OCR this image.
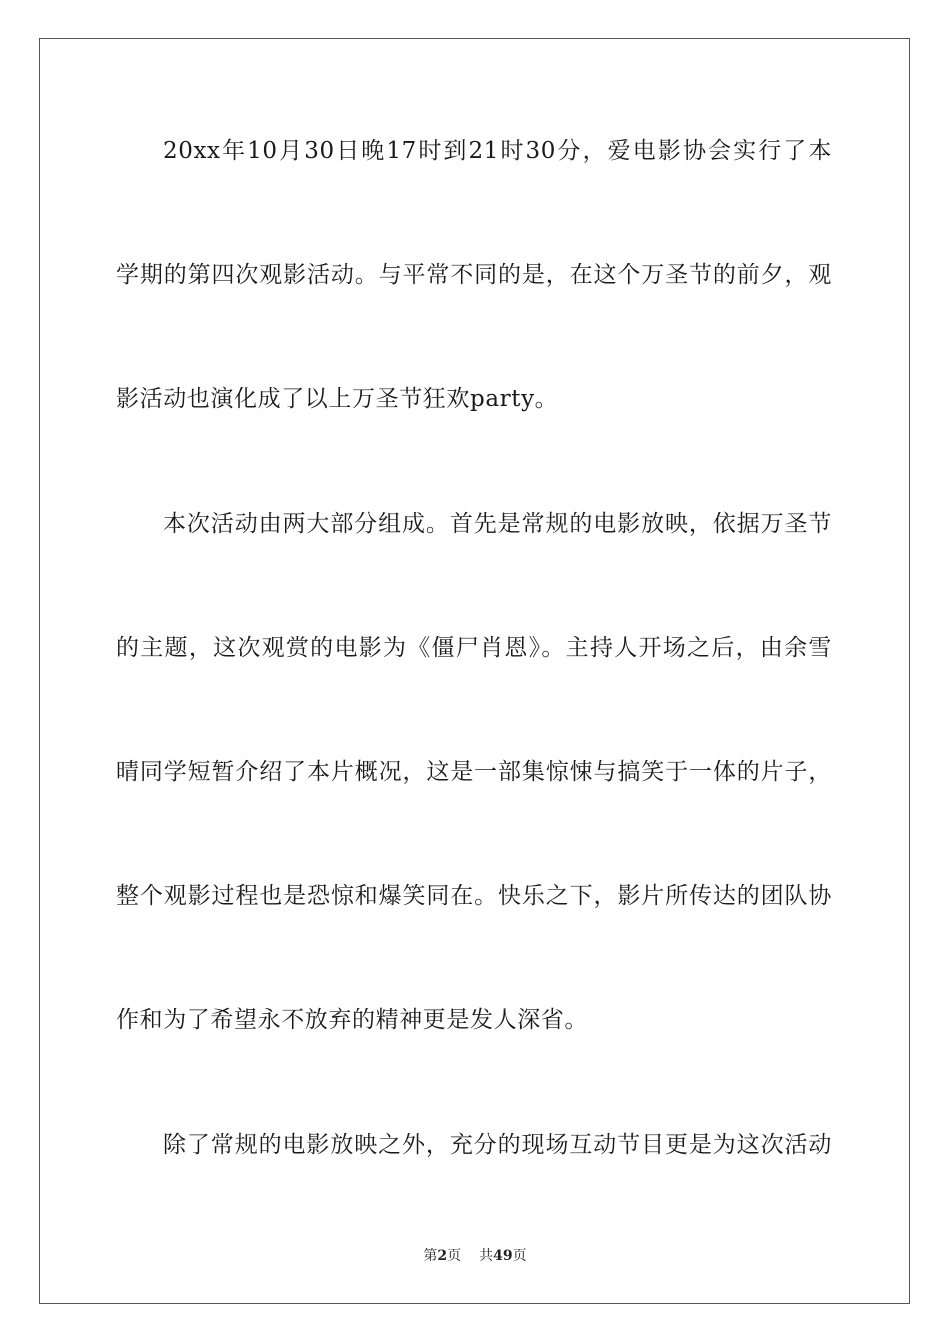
20xx年10月30日晚17时到21时30分，爱电影协会实行了本
学期的第四次观影活动。与平常不同的是，在这个万圣节的前夕，观
影活动也演化成了以上万圣节狂欢party。
本次活动由两大部分组成。首先是常规的电影放映，依据万圣节
的主题，这次观赏的电影为《僵尸肖恩》。主持人开场之后，由余雪
晴同学短暂介绍了本片概况，这是一部集惊悚与搞笑于一体的片子，
整个观影过程也是恐惊和爆笑同在。快乐之下，影片所传达的团队协
作和为了希望永不放弃的精神更是发人深省。
除了常规的电影放映之外，充分的现场互动节目更是为这次活动
第2页 共49页
